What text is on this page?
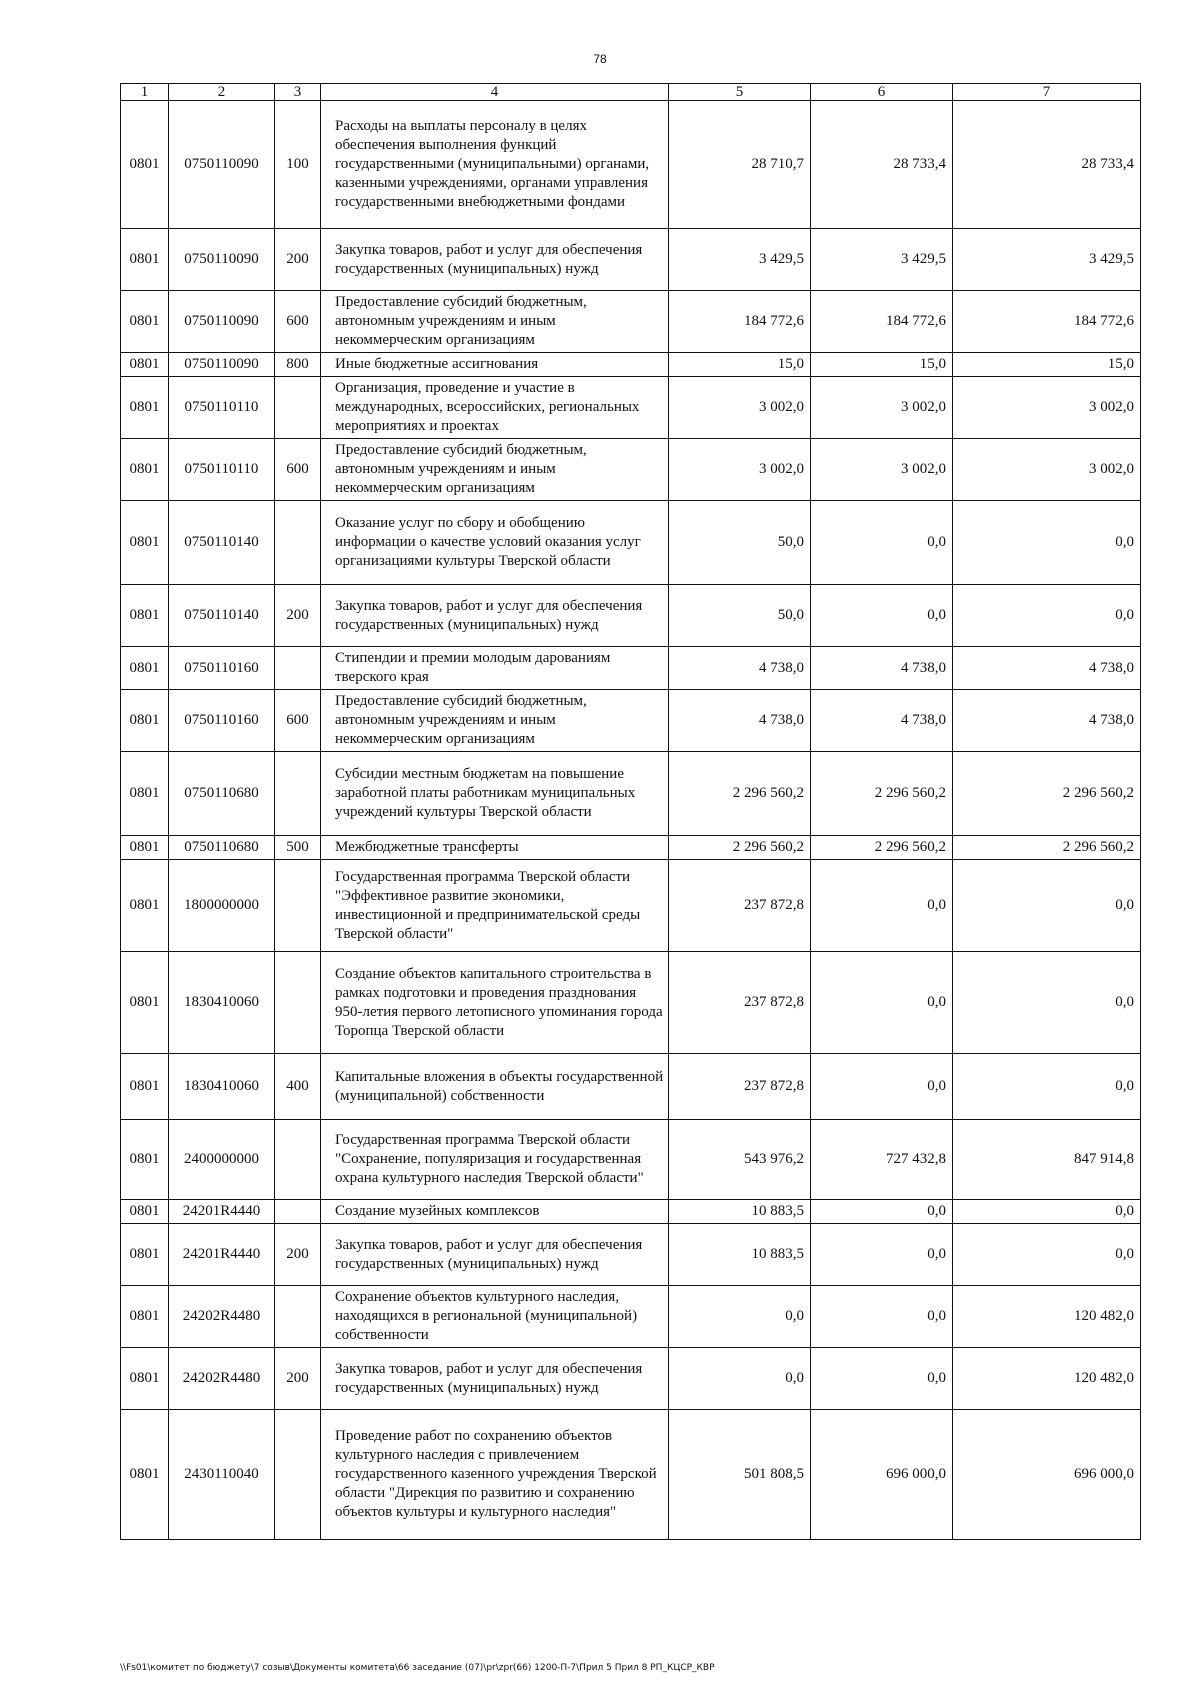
78
1	2	3	4	5	6	7
0801	0750110090	100	Расходы на выплаты персоналу в целях обеспечения выполнения функций государственными (муниципальными) органами, казенными учреждениями, органами управления государственными внебюджетными фондами	28 710,7	28 733,4	28 733,4
0801	0750110090	200	Закупка товаров, работ и услуг для обеспечения государственных (муниципальных) нужд	3 429,5	3 429,5	3 429,5
0801	0750110090	600	Предоставление субсидий бюджетным, автономным учреждениям и иным некоммерческим организациям	184 772,6	184 772,6	184 772,6
0801	0750110090	800	Иные бюджетные ассигнования	15,0	15,0	15,0
0801	0750110110		Организация, проведение и участие в международных, всероссийских, региональных мероприятиях и проектах	3 002,0	3 002,0	3 002,0
0801	0750110110	600	Предоставление субсидий бюджетным, автономным учреждениям и иным некоммерческим организациям	3 002,0	3 002,0	3 002,0
0801	0750110140		Оказание услуг по сбору и обобщению информации о качестве условий оказания услуг организациями культуры Тверской области	50,0	0,0	0,0
0801	0750110140	200	Закупка товаров, работ и услуг для обеспечения государственных (муниципальных) нужд	50,0	0,0	0,0
0801	0750110160		Стипендии и премии молодым дарованиям тверского края	4 738,0	4 738,0	4 738,0
0801	0750110160	600	Предоставление субсидий бюджетным, автономным учреждениям и иным некоммерческим организациям	4 738,0	4 738,0	4 738,0
0801	0750110680		Субсидии местным бюджетам на повышение заработной платы работникам муниципальных учреждений культуры Тверской области	2 296 560,2	2 296 560,2	2 296 560,2
0801	0750110680	500	Межбюджетные трансферты	2 296 560,2	2 296 560,2	2 296 560,2
0801	1800000000		Государственная программа Тверской области "Эффективное развитие экономики, инвестиционной и предпринимательской среды Тверской области"	237 872,8	0,0	0,0
0801	1830410060		Создание объектов капитального строительства в рамках подготовки и проведения празднования 950-летия первого летописного упоминания города Торопца Тверской области	237 872,8	0,0	0,0
0801	1830410060	400	Капитальные вложения в объекты государственной (муниципальной) собственности	237 872,8	0,0	0,0
0801	2400000000		Государственная программа Тверской области "Сохранение, популяризация и государственная охрана культурного наследия Тверской области"	543 976,2	727 432,8	847 914,8
0801	24201R4440		Создание музейных комплексов	10 883,5	0,0	0,0
0801	24201R4440	200	Закупка товаров, работ и услуг для обеспечения государственных (муниципальных) нужд	10 883,5	0,0	0,0
0801	24202R4480		Сохранение объектов культурного наследия, находящихся в региональной (муниципальной) собственности	0,0	0,0	120 482,0
0801	24202R4480	200	Закупка товаров, работ и услуг для обеспечения государственных (муниципальных) нужд	0,0	0,0	120 482,0
0801	2430110040		Проведение работ по сохранению объектов культурного наследия с привлечением государственного казенного учреждения Тверской области "Дирекция по развитию и сохранению объектов культуры и культурного наследия"	501 808,5	696 000,0	696 000,0
\\Fs01\комитет по бюджету\7 созыв\Документы комитета\66 заседание (07)\pr\zpr(66) 1200-П-7\Прил 5 Прил 8 РП_КЦСР_КВР
